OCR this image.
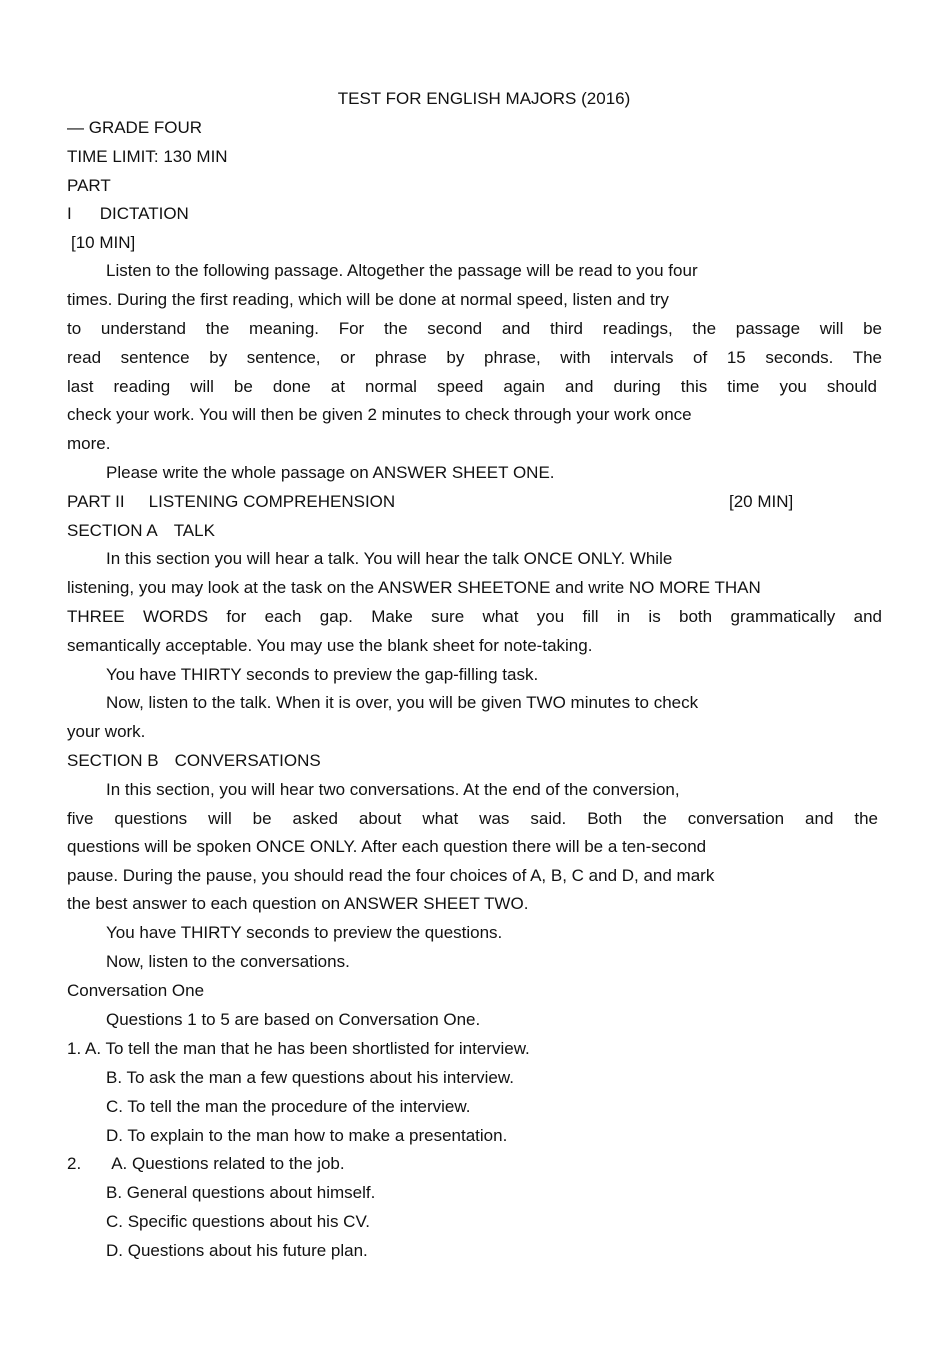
TEST FOR ENGLISH MAJORS (2016)
— GRADE FOUR
TIME LIMIT: 130 MIN
PART
I DICTATION
[10 MIN]
Listen to the following passage. Altogether the passage will be read to you four
times. During the first reading, which will be done at normal speed, listen and try
to understand the meaning. For the second and third readings, the passage will be
read sentence by sentence, or phrase by phrase, with intervals of 15 seconds. The
last reading will be done at normal speed again and during this time you should
check your work. You will then be given 2 minutes to check through your work once
more.
Please write the whole passage on ANSWER SHEET ONE.
PART II LISTENING COMPREHENSION	[20 MIN]
SECTION A TALK
In this section you will hear a talk. You will hear the talk ONCE ONLY. While
listening, you may look at the task on the ANSWER SHEETONE and write NO MORE THAN
THREE WORDS for each gap. Make sure what you fill in is both grammatically and
semantically acceptable. You may use the blank sheet for note-taking.
You have THIRTY seconds to preview the gap-filling task.
Now, listen to the talk. When it is over, you will be given TWO minutes to check
your work.
SECTION B CONVERSATIONS
In this section, you will hear two conversations. At the end of the conversion,
five questions will be asked about what was said. Both the conversation and the
questions will be spoken ONCE ONLY. After each question there will be a ten-second
pause. During the pause, you should read the four choices of A, B, C and D, and mark
the best answer to each question on ANSWER SHEET TWO.
You have THIRTY seconds to preview the questions.
Now, listen to the conversations.
Conversation One
Questions 1 to 5 are based on Conversation One.
1. A. To tell the man that he has been shortlisted for interview.
B. To ask the man a few questions about his interview.
C. To tell the man the procedure of the interview.
D. To explain to the man how to make a presentation.
2. A. Questions related to the job.
B. General questions about himself.
C. Specific questions about his CV.
D. Questions about his future plan.
